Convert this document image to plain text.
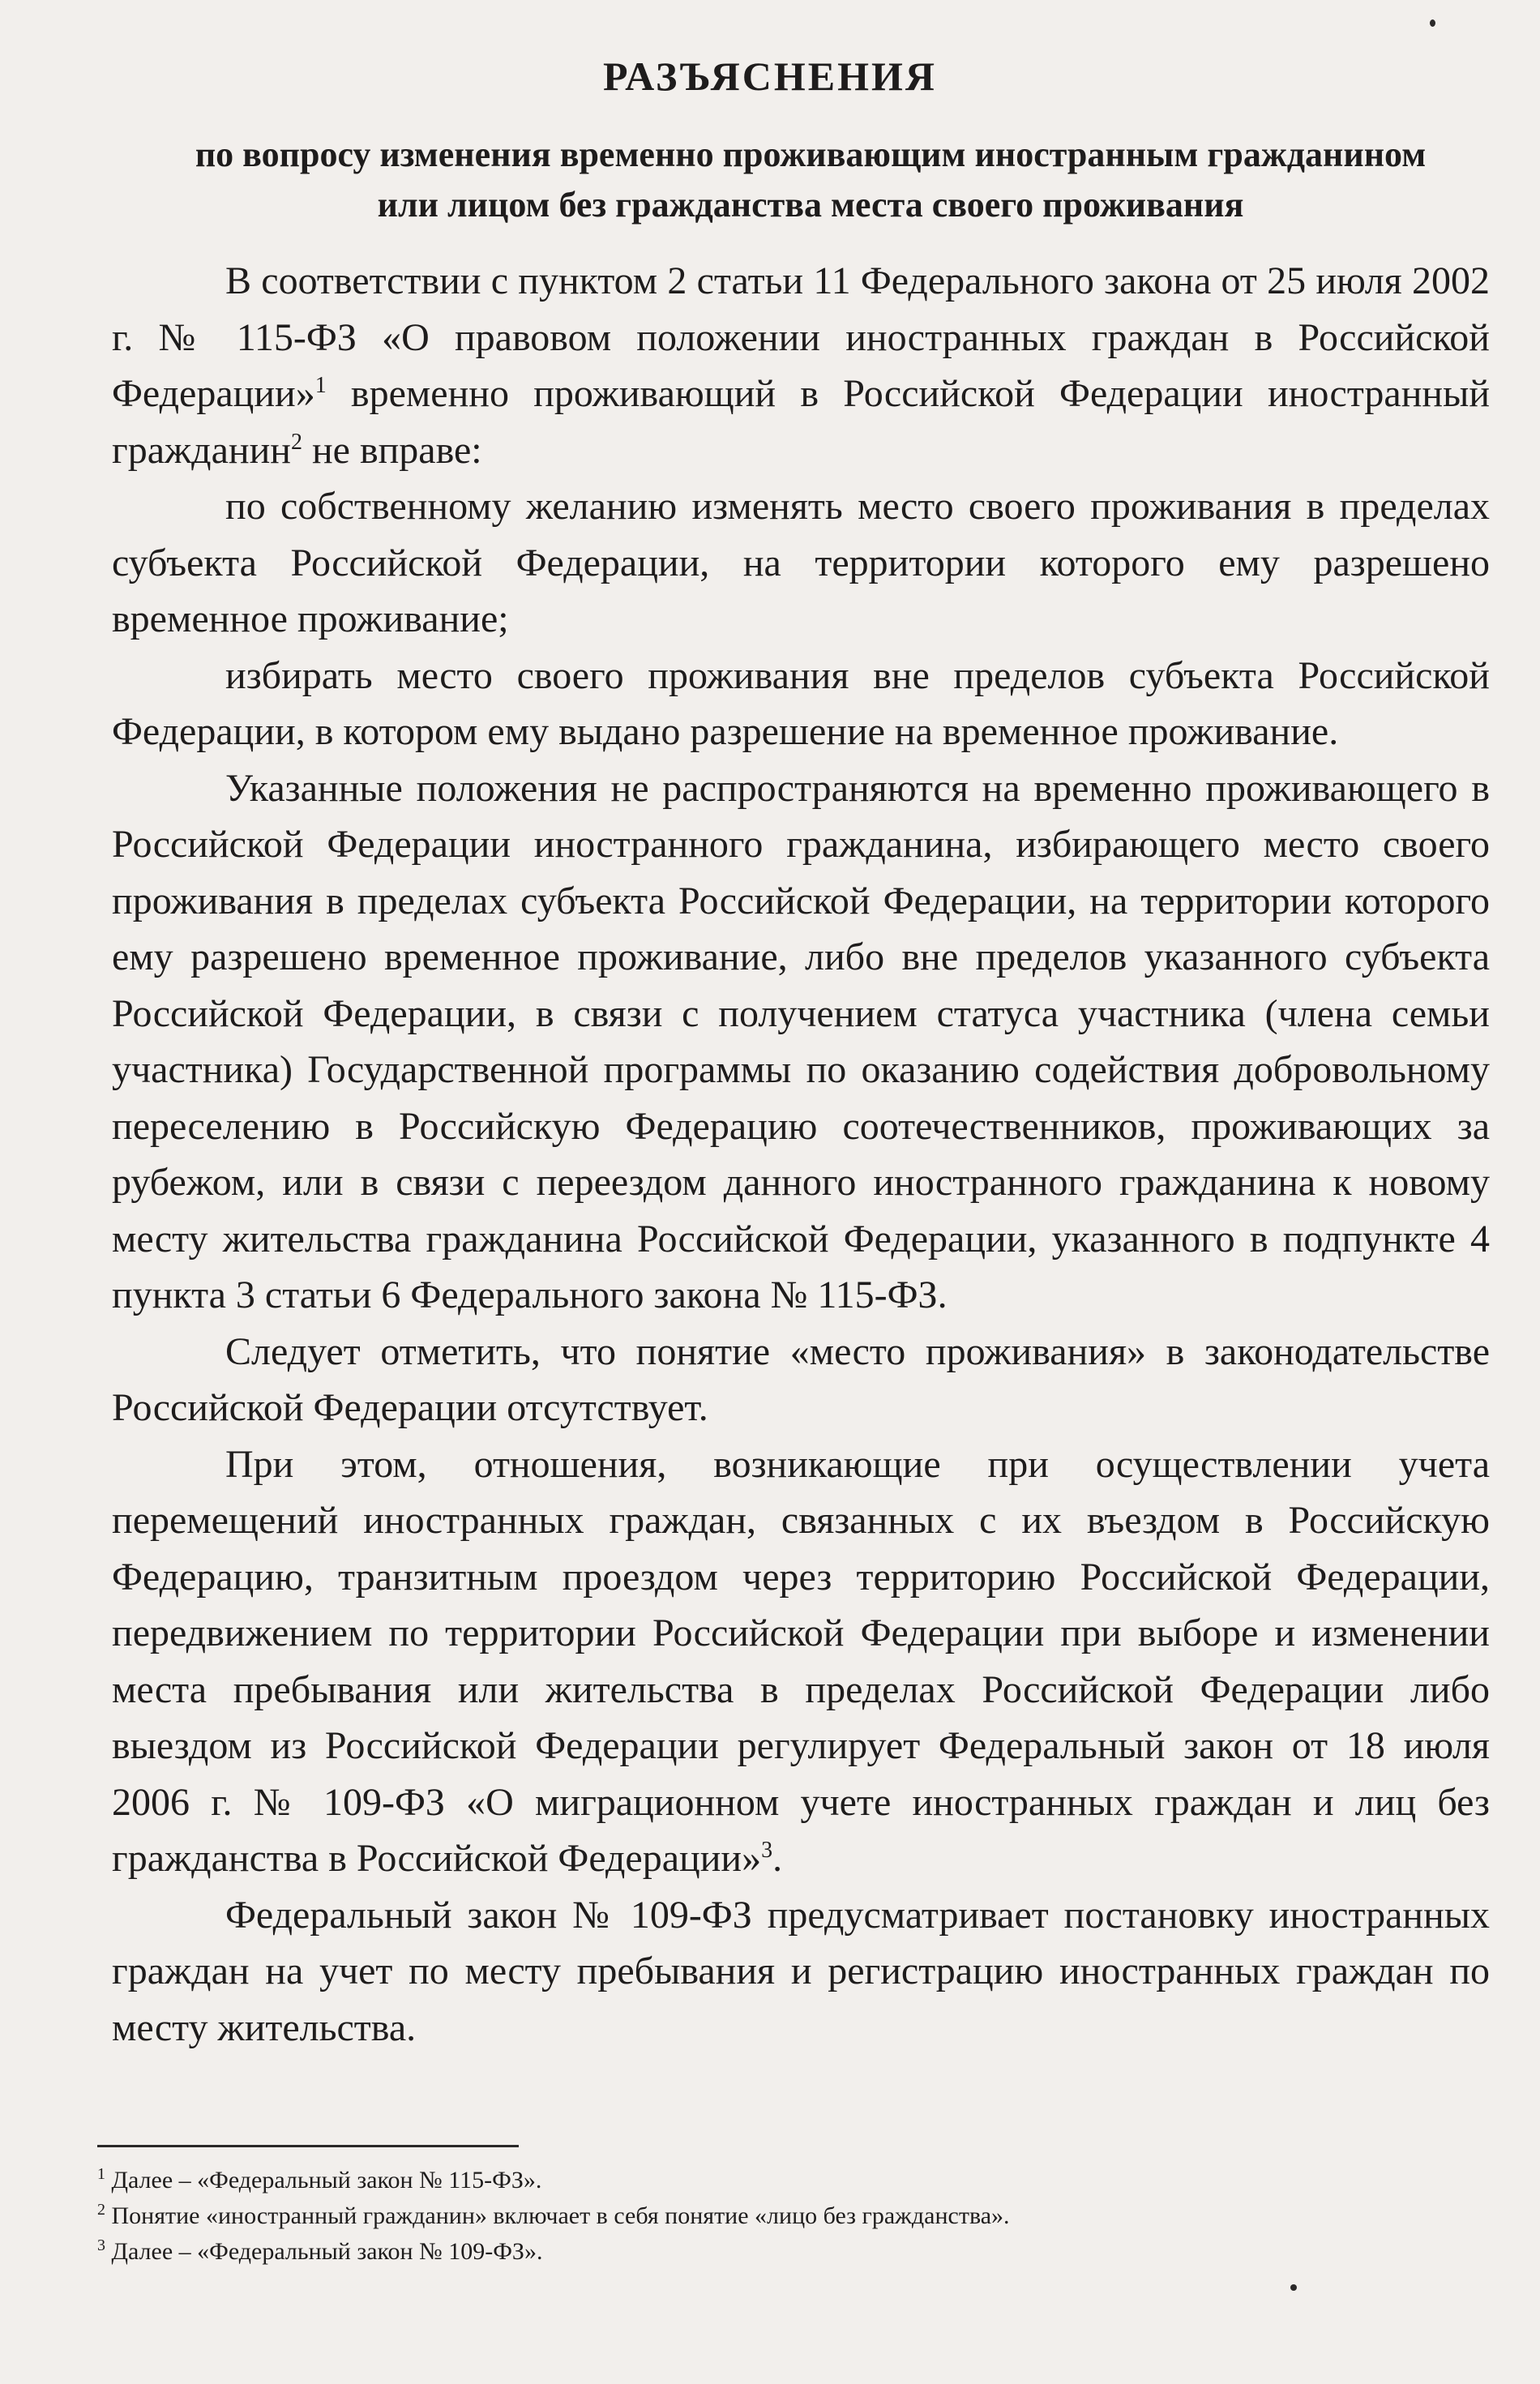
РАЗЪЯСНЕНИЯ
по вопросу изменения временно проживающим иностранным гражданином или лицом без гражданства места своего проживания

В соответствии с пунктом 2 статьи 11 Федерального закона от 25 июля 2002 г. № 115-ФЗ «О правовом положении иностранных граждан в Российской Федерации»$^1$ временно проживающий в Российской Федерации иностранный гражданин$^2$ не вправе:

по собственному желанию изменять место своего проживания в пределах субъекта Российской Федерации, на территории которого ему разрешено временное проживание;

избирать место своего проживания вне пределов субъекта Российской Федерации, в котором ему выдано разрешение на временное проживание.

Указанные положения не распространяются на временно проживающего в Российской Федерации иностранного гражданина, избирающего место своего проживания в пределах субъекта Российской Федерации, на территории которого ему разрешено временное проживание, либо вне пределов указанного субъекта Российской Федерации, в связи с получением статуса участника (члена семьи участника) Государственной программы по оказанию содействия добровольному переселению в Российскую Федерацию соотечественников, проживающих за рубежом, или в связи с переездом данного иностранного гражданина к новому месту жительства гражданина Российской Федерации, указанного в подпункте 4 пункта 3 статьи 6 Федерального закона № 115-ФЗ.

Следует отметить, что понятие «место проживания» в законодательстве Российской Федерации отсутствует.

При этом, отношения, возникающие при осуществлении учета перемещений иностранных граждан, связанных с их въездом в Российскую Федерацию, транзитным проездом через территорию Российской Федерации, передвижением по территории Российской Федерации при выборе и изменении места пребывания или жительства в пределах Российской Федерации либо выездом из Российской Федерации регулирует Федеральный закон от 18 июля 2006 г. № 109-ФЗ «О миграционном учете иностранных граждан и лиц без гражданства в Российской Федерации»$^3$.

Федеральный закон № 109-ФЗ предусматривает постановку иностранных граждан на учет по месту пребывания и регистрацию иностранных граждан по месту жительства.

$^1$ Далее – «Федеральный закон № 115-ФЗ».
$^2$ Понятие «иностранный гражданин» включает в себя понятие «лицо без гражданства».
$^3$ Далее – «Федеральный закон № 109-ФЗ».
